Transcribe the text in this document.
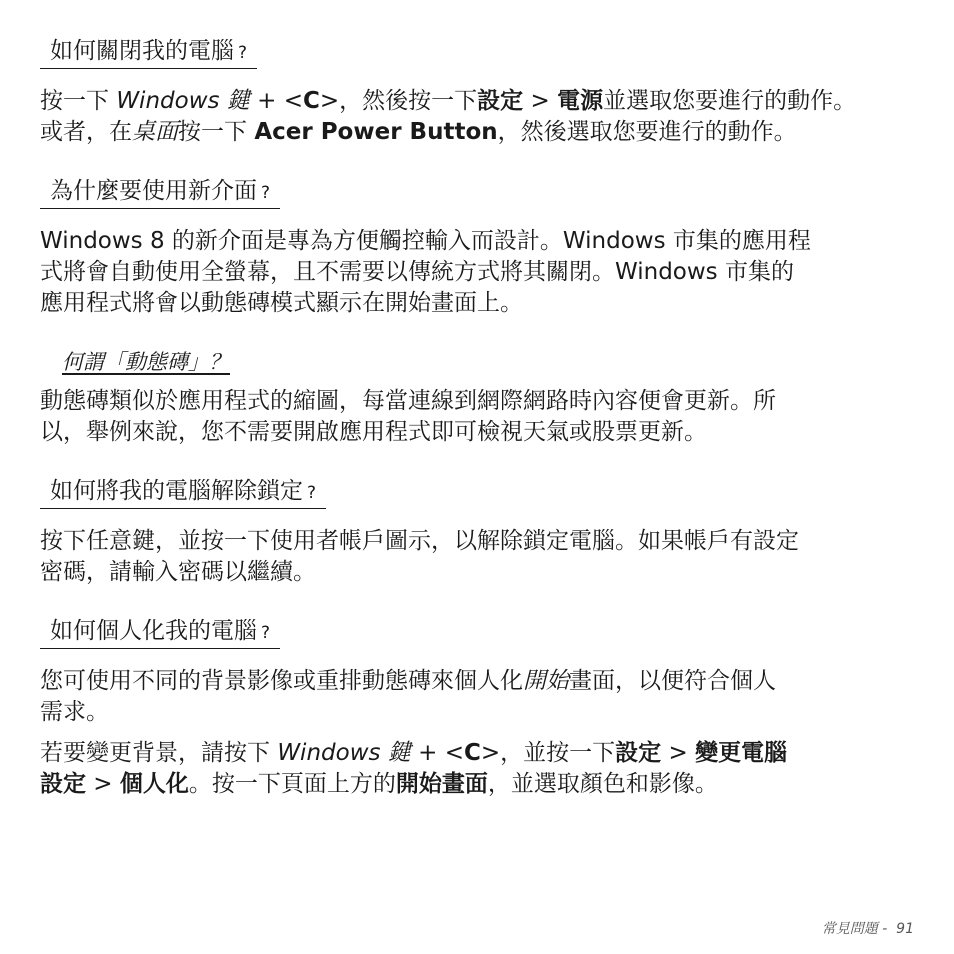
如何關閉我的電腦 ?
按一下 Windows 鍵 + <C>，然後按一下設定 > 電源並選取您要進行的動作。
或者，在桌面按一下 Acer Power Button，然後選取您要進行的動作。
為什麼要使用新介面 ?
Windows 8 的新介面是專為方便觸控輸入而設計。Windows 市集的應用程
式將會自動使用全螢幕，且不需要以傳統方式將其關閉。Windows 市集的
應用程式將會以動態磚模式顯示在開始畫面上。
何謂「動態磚」？
動態磚類似於應用程式的縮圖，每當連線到網際網路時內容便會更新。所
以，舉例來說，您不需要開啟應用程式即可檢視天氣或股票更新。
如何將我的電腦解除鎖定 ?
按下任意鍵，並按一下使用者帳戶圖示，以解除鎖定電腦。如果帳戶有設定
密碼，請輸入密碼以繼續。
如何個人化我的電腦 ?
您可使用不同的背景影像或重排動態磚來個人化開始畫面，以便符合個人
需求。
若要變更背景，請按下 Windows 鍵 + <C>，並按一下設定 > 變更電腦
設定 > 個人化。按一下頁面上方的開始畫面，並選取顏色和影像。
常見問題 - 91
